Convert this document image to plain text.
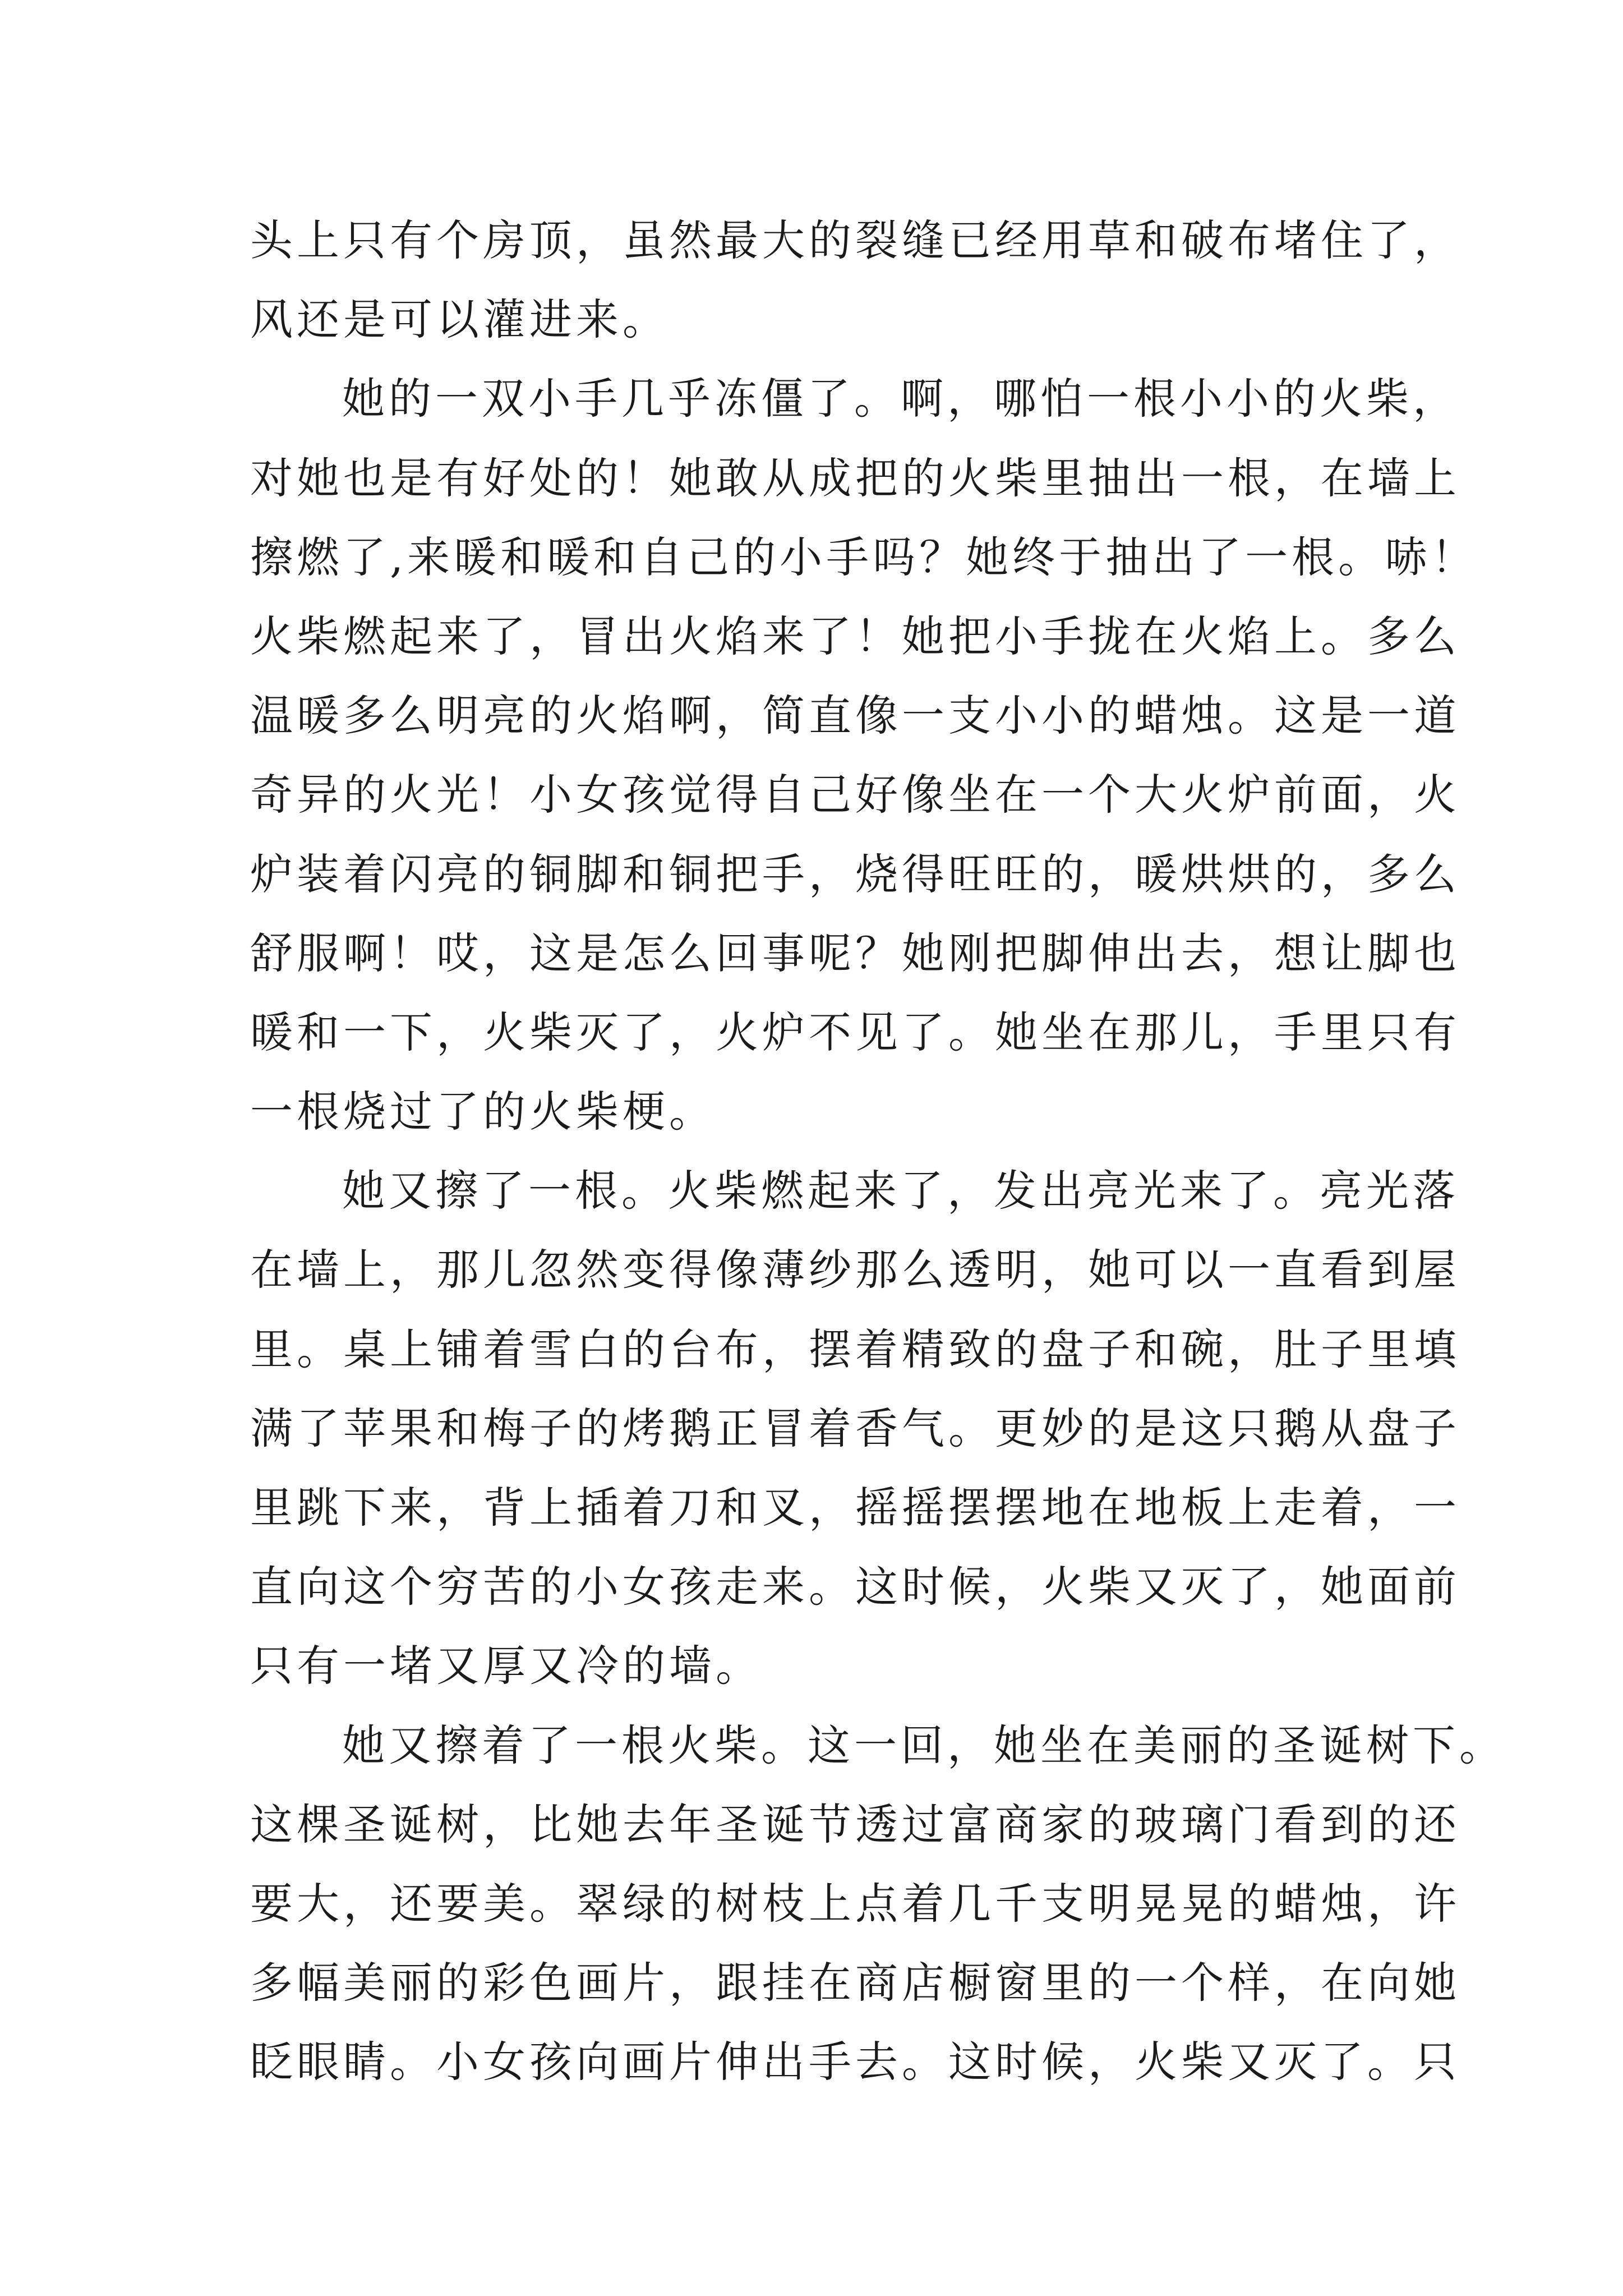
头上只有个房顶，虽然最大的裂缝已经用草和破布堵住了，
风还是可以灌进来。
她的一双小手几乎冻僵了。啊，哪怕一根小小的火柴，
对她也是有好处的！她敢从成把的火柴里抽出一根，在墙上
擦燃了,来暖和暖和自己的小手吗？她终于抽出了一根。哧！
火柴燃起来了，冒出火焰来了！她把小手拢在火焰上。多么
温暖多么明亮的火焰啊，简直像一支小小的蜡烛。这是一道
奇异的火光！小女孩觉得自己好像坐在一个大火炉前面，火
炉装着闪亮的铜脚和铜把手，烧得旺旺的，暖烘烘的，多么
舒服啊！哎，这是怎么回事呢？她刚把脚伸出去，想让脚也
暖和一下，火柴灭了，火炉不见了。她坐在那儿，手里只有
一根烧过了的火柴梗。
她又擦了一根。火柴燃起来了，发出亮光来了。亮光落
在墙上，那儿忽然变得像薄纱那么透明，她可以一直看到屋
里。桌上铺着雪白的台布，摆着精致的盘子和碗，肚子里填
满了苹果和梅子的烤鹅正冒着香气。更妙的是这只鹅从盘子
里跳下来，背上插着刀和叉，摇摇摆摆地在地板上走着，一
直向这个穷苦的小女孩走来。这时候，火柴又灭了，她面前
只有一堵又厚又冷的墙。
她又擦着了一根火柴。这一回，她坐在美丽的圣诞树下。
这棵圣诞树，比她去年圣诞节透过富商家的玻璃门看到的还
要大，还要美。翠绿的树枝上点着几千支明晃晃的蜡烛，许
多幅美丽的彩色画片，跟挂在商店橱窗里的一个样，在向她
眨眼睛。小女孩向画片伸出手去。这时候，火柴又灭了。只
